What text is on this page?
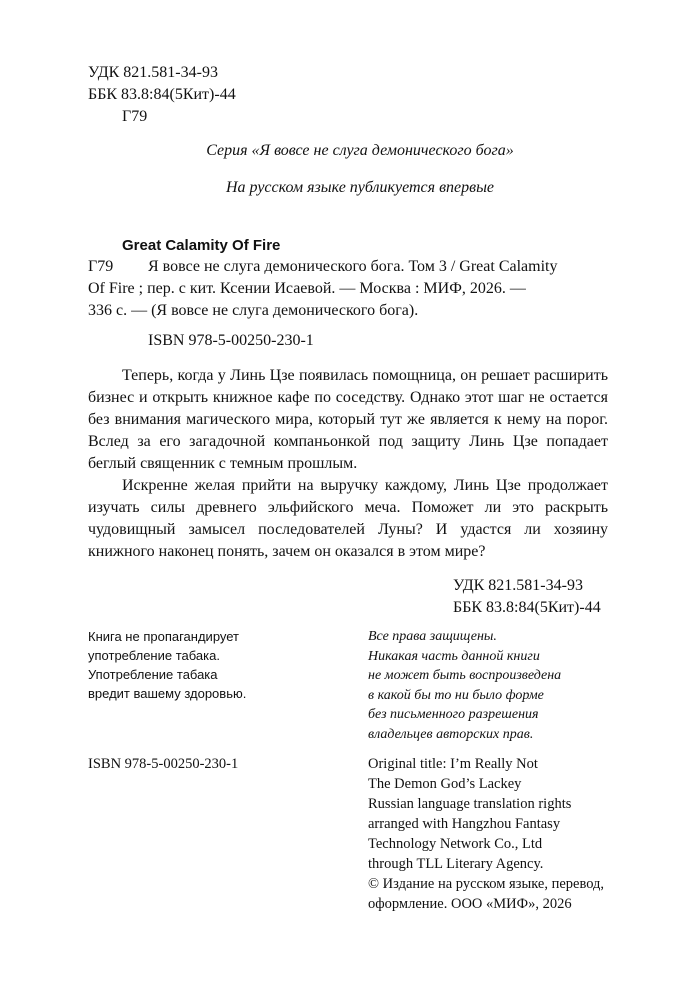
УДК 821.581-34-93
ББК 83.8:84(5Кит)-44
Г79
Серия «Я вовсе не слуга демонического бога»
На русском языке публикуется впервые
Great Calamity Of Fire
Г79 Я вовсе не слуга демонического бога. Том 3 / Great Calamity
Of Fire ; пер. с кит. Ксении Исаевой. — Москва : МИФ, 2026. —
336 с. — (Я вовсе не слуга демонического бога).
ISBN 978-5-00250-230-1

Теперь, когда у Линь Цзе появилась помощница, он решает расширить бизнес и открыть книжное кафе по соседству. Однако этот шаг не остается без внимания магического мира, который тут же является к нему на порог. Вслед за его загадочной компаньонкой под защиту Линь Цзе попадает беглый священник с темным прошлым.

Искренне желая прийти на выручку каждому, Линь Цзе продолжает изучать силы древнего эльфийского меча. Поможет ли это раскрыть чудовищный замысел последователей Луны? И удастся ли хозяину книжного наконец понять, зачем он оказался в этом мире?

УДК 821.581-34-93
ББК 83.8:84(5Кит)-44
Книга не пропагандирует
употребление табака.
Употребление табака
вредит вашему здоровью.
Все права защищены.
Никакая часть данной книги
не может быть воспроизведена
в какой бы то ни было форме
без письменного разрешения
владельцев авторских прав.
ISBN 978-5-00250-230-1	Original title: I’m Really Not
The Demon God’s Lackey
Russian language translation rights
arranged with Hangzhou Fantasy
Technology Network Co., Ltd
through TLL Literary Agency.
© Издание на русском языке, перевод,
оформление. ООО «МИФ», 2026
